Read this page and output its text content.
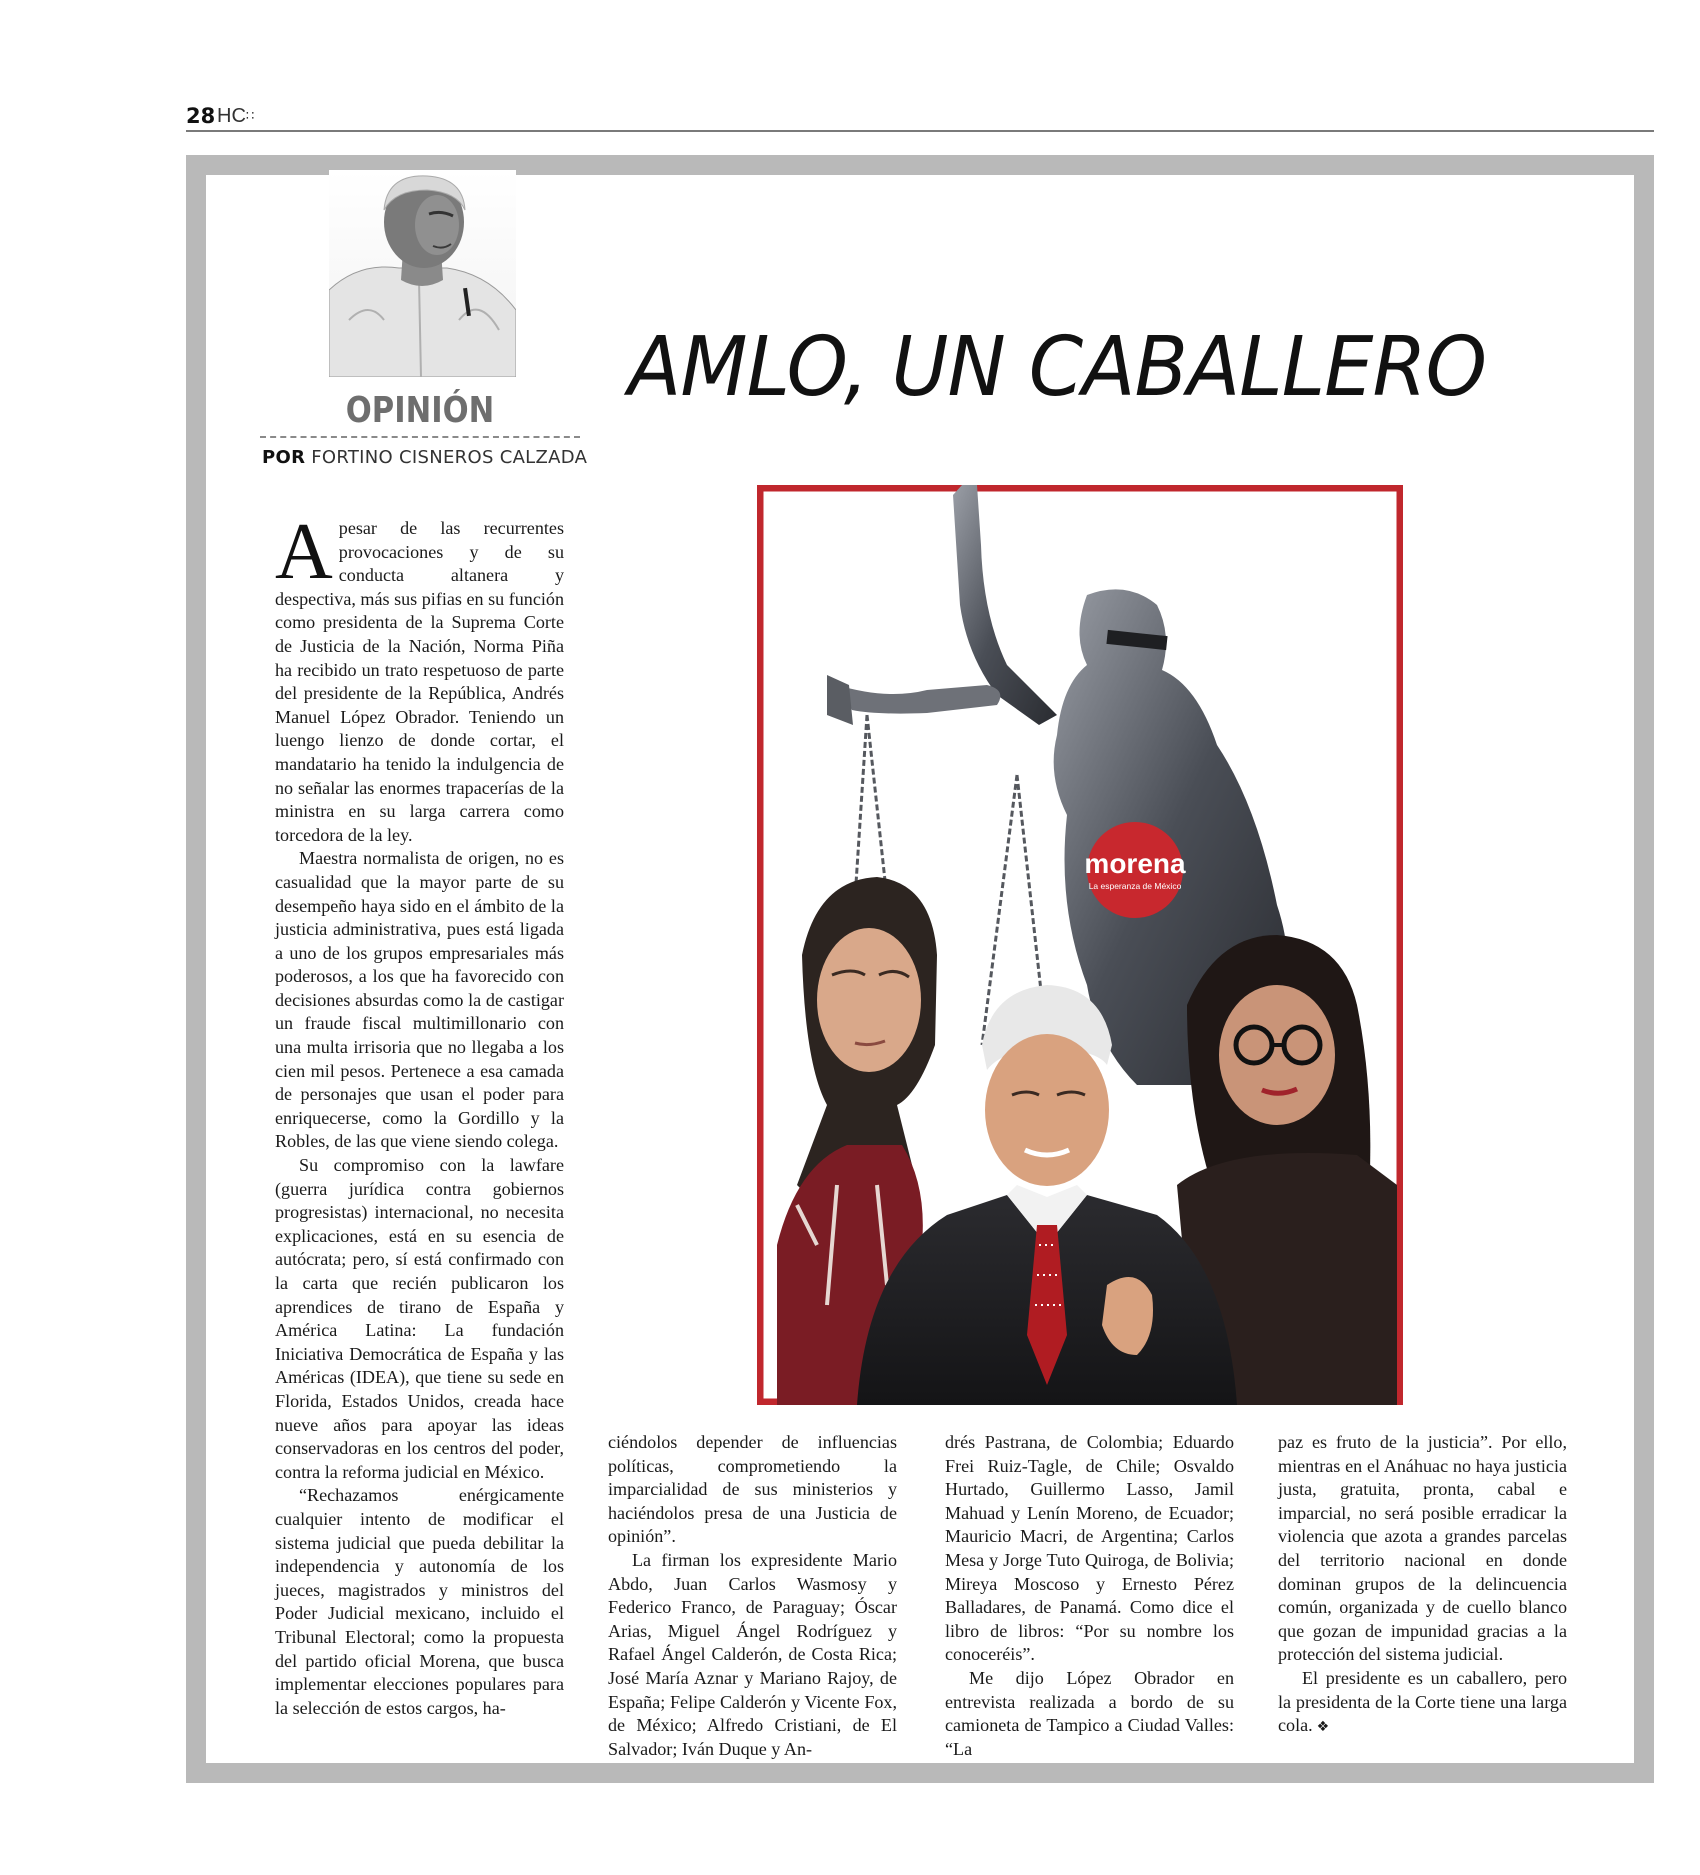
28 HC ∷
OPINIÓN
POR FORTINO CISNEROS CALZADA
AMLO, UN CABALLERO
morena
La esperanza de México

A pesar de las recurrentes provocaciones y de su conducta altanera y despectiva, más sus pifias en su función como presidenta de la Suprema Corte de Justicia de la Nación, Norma Piña ha recibido un trato respetuoso de parte del presidente de la República, Andrés Manuel López Obrador. Teniendo un luengo lienzo de donde cortar, el mandatario ha tenido la indulgencia de no señalar las enormes trapacerías de la ministra en su larga carrera como torcedora de la ley.

Maestra normalista de origen, no es casualidad que la mayor parte de su desempeño haya sido en el ámbito de la justicia administrativa, pues está ligada a uno de los grupos empresariales más poderosos, a los que ha favorecido con decisiones absurdas como la de castigar un fraude fiscal multimillonario con una multa irrisoria que no llegaba a los cien mil pesos. Pertenece a esa camada de personajes que usan el poder para enriquecerse, como la Gordillo y la Robles, de las que viene siendo colega.

Su compromiso con la lawfare (guerra jurídica contra gobiernos progresistas) internacional, no necesita explicaciones, está en su esencia de autócrata; pero, sí está confirmado con la carta que recién publicaron los aprendices de tirano de España y América Latina: La fundación Iniciativa Democrática de España y las Américas (IDEA), que tiene su sede en Florida, Estados Unidos, creada hace nueve años para apoyar las ideas conservadoras en los centros del poder, contra la reforma judicial en México.

“Rechazamos enérgicamente cualquier intento de modificar el sistema judicial que pueda debilitar la independencia y autonomía de los jueces, magistrados y ministros del Poder Judicial mexicano, incluido el Tribunal Electoral; como la propuesta del partido oficial Morena, que busca implementar elecciones populares para la selección de estos cargos, ha-

ciéndolos depender de influencias políticas, comprometiendo la imparcialidad de sus ministerios y haciéndolos presa de una Justicia de opinión”.

La firman los expresidente Mario Abdo, Juan Carlos Wasmosy y Federico Franco, de Paraguay; Óscar Arias, Miguel Ángel Rodríguez y Rafael Ángel Calderón, de Costa Rica; José María Aznar y Mariano Rajoy, de España; Felipe Calderón y Vicente Fox, de México; Alfredo Cristiani, de El Salvador; Iván Duque y An-

drés Pastrana, de Colombia; Eduardo Frei Ruiz-Tagle, de Chile; Osvaldo Hurtado, Guillermo Lasso, Jamil Mahuad y Lenín Moreno, de Ecuador; Mauricio Macri, de Argentina; Carlos Mesa y Jorge Tuto Quiroga, de Bolivia; Mireya Moscoso y Ernesto Pérez Balladares, de Panamá. Como dice el libro de libros: “Por su nombre los conoceréis”.

Me dijo López Obrador en entrevista realizada a bordo de su camioneta de Tampico a Ciudad Valles: “La

paz es fruto de la justicia”. Por ello, mientras en el Anáhuac no haya justicia justa, gratuita, pronta, cabal e imparcial, no será posible erradicar la violencia que azota a grandes parcelas del territorio nacional en donde dominan grupos de la delincuencia común, organizada y de cuello blanco que gozan de impunidad gracias a la protección del sistema judicial.

El presidente es un caballero, pero la presidenta de la Corte tiene una larga cola. ❖
